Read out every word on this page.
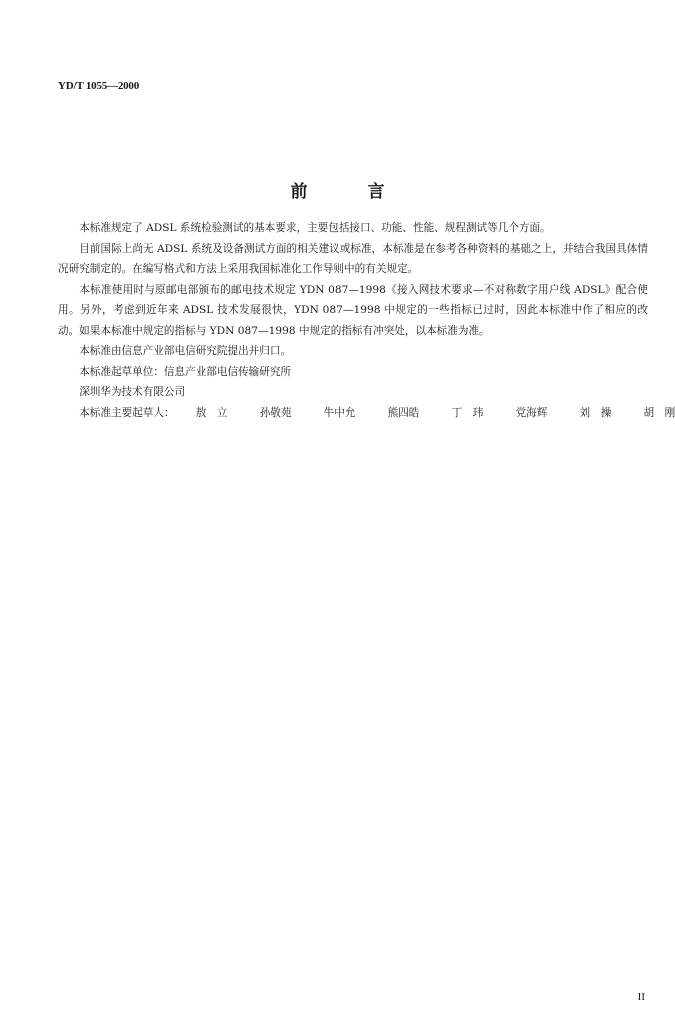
YD/T 1055—2000
前	言

本标准规定了 ADSL 系统检验测试的基本要求，主要包括接口、功能、性能、规程测试等几个方面。

目前国际上尚无 ADSL 系统及设备测试方面的相关建议或标准，本标准是在参考各种资料的基础之上，并结合我国具体情况研究制定的。在编写格式和方法上采用我国标准化工作导则中的有关规定。

本标准使用时与原邮电部颁布的邮电技术规定 YDN 087—1998《接入网技术要求—不对称数字用户线 ADSL》配合使用。另外，考虑到近年来 ADSL 技术发展很快，YDN 087—1998 中规定的一些指标已过时，因此本标准中作了相应的改动。如果本标准中规定的指标与 YDN 087—1998 中规定的指标有冲突处，以本标准为准。

本标准由信息产业部电信研究院提出并归口。

本标准起草单位：信息产业部电信传输研究所

深圳华为技术有限公司

本标准主要起草人： 敖　立	孙敬苑	牛中允	熊四皓	丁　玮	党海辉	刘　操	胡　刚
II
